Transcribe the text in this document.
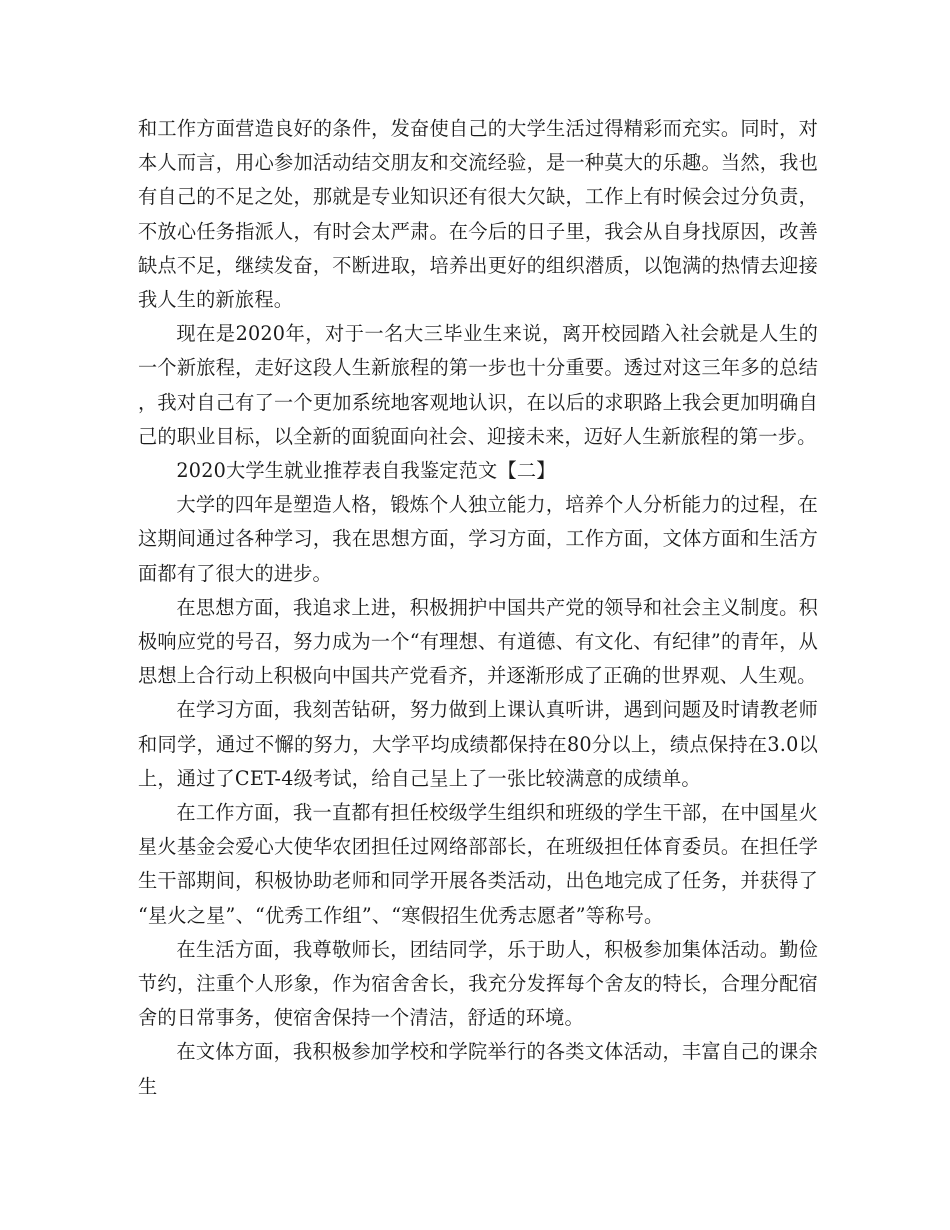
和工作方面营造良好的条件，发奋使自己的大学生活过得精彩而充实。同时，对本人而言，用心参加活动结交朋友和交流经验，是一种莫大的乐趣。当然，我也有自己的不足之处，那就是专业知识还有很大欠缺，工作上有时候会过分负责，不放心任务指派人，有时会太严肃。在今后的日子里，我会从自身找原因，改善缺点不足，继续发奋，不断进取，培养出更好的组织潜质，以饱满的热情去迎接我人生的新旅程。

现在是2020年，对于一名大三毕业生来说，离开校园踏入社会就是人生的一个新旅程，走好这段人生新旅程的第一步也十分重要。透过对这三年多的总结，我对自己有了一个更加系统地客观地认识，在以后的求职路上我会更加明确自己的职业目标，以全新的面貌面向社会、迎接未来，迈好人生新旅程的第一步。

2020大学生就业推荐表自我鉴定范文【二】

大学的四年是塑造人格，锻炼个人独立能力，培养个人分析能力的过程，在这期间通过各种学习，我在思想方面，学习方面，工作方面，文体方面和生活方面都有了很大的进步。

在思想方面，我追求上进，积极拥护中国共产党的领导和社会主义制度。积极响应党的号召，努力成为一个“有理想、有道德、有文化、有纪律”的青年，从思想上合行动上积极向中国共产党看齐，并逐渐形成了正确的世界观、人生观。

在学习方面，我刻苦钻研，努力做到上课认真听讲，遇到问题及时请教老师和同学，通过不懈的努力，大学平均成绩都保持在80分以上，绩点保持在3.0以上，通过了CET-4级考试，给自己呈上了一张比较满意的成绩单。

在工作方面，我一直都有担任校级学生组织和班级的学生干部，在中国星火星火基金会爱心大使华农团担任过网络部部长，在班级担任体育委员。在担任学生干部期间，积极协助老师和同学开展各类活动，出色地完成了任务，并获得了“星火之星”、“优秀工作组”、“寒假招生优秀志愿者”等称号。

在生活方面，我尊敬师长，团结同学，乐于助人，积极参加集体活动。勤俭节约，注重个人形象，作为宿舍舍长，我充分发挥每个舍友的特长，合理分配宿舍的日常事务，使宿舍保持一个清洁，舒适的环境。

在文体方面，我积极参加学校和学院举行的各类文体活动，丰富自己的课余生
